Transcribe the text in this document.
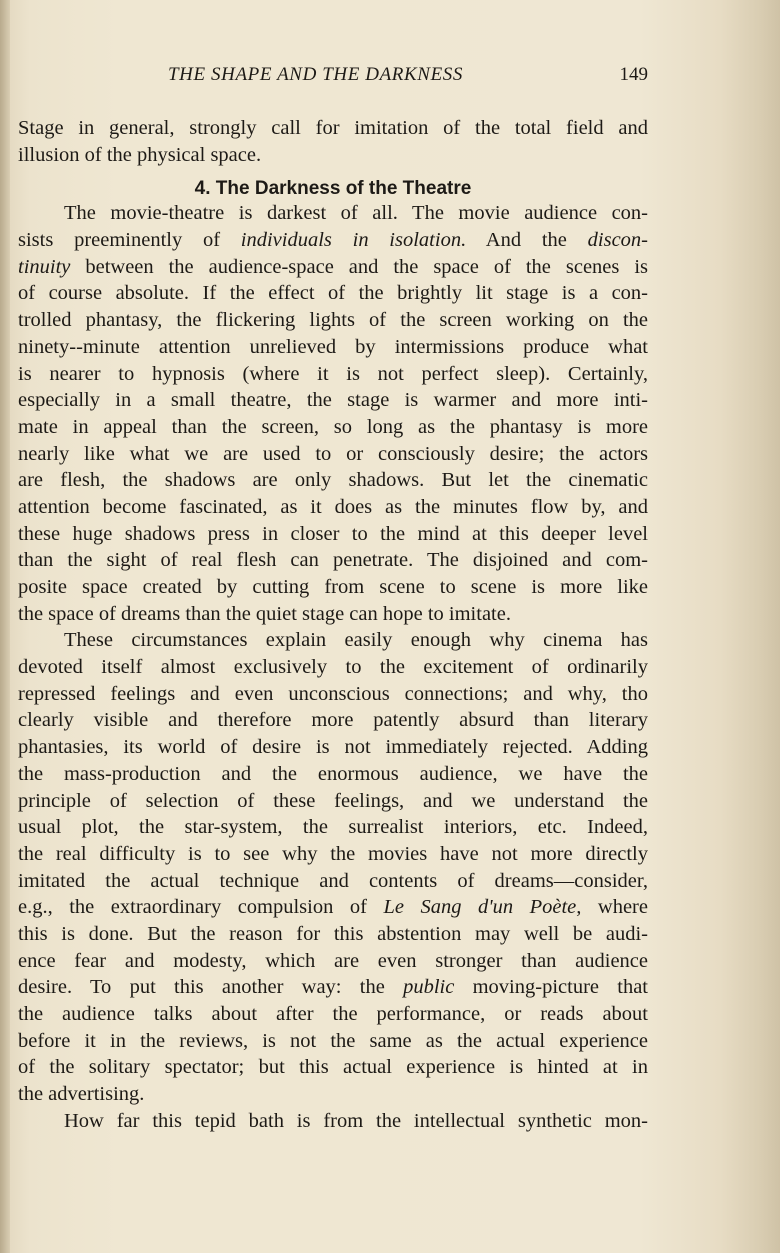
THE SHAPE AND THE DARKNESS	149
Stage in general, strongly call for imitation of the total field and
illusion of the physical space.
4. The Darkness of the Theatre
The movie-theatre is darkest of all. The movie audience con-
sists preeminently of individuals in isolation. And the discon-
tinuity between the audience-space and the space of the scenes is
of course absolute. If the effect of the brightly lit stage is a con-
trolled phantasy, the flickering lights of the screen working on the
ninety--minute attention unrelieved by intermissions produce what
is nearer to hypnosis (where it is not perfect sleep). Certainly,
especially in a small theatre, the stage is warmer and more inti-
mate in appeal than the screen, so long as the phantasy is more
nearly like what we are used to or consciously desire; the actors
are flesh, the shadows are only shadows. But let the cinematic
attention become fascinated, as it does as the minutes flow by, and
these huge shadows press in closer to the mind at this deeper level
than the sight of real flesh can penetrate. The disjoined and com-
posite space created by cutting from scene to scene is more like
the space of dreams than the quiet stage can hope to imitate.
These circumstances explain easily enough why cinema has
devoted itself almost exclusively to the excitement of ordinarily
repressed feelings and even unconscious connections; and why, tho
clearly visible and therefore more patently absurd than literary
phantasies, its world of desire is not immediately rejected. Adding
the mass-production and the enormous audience, we have the
principle of selection of these feelings, and we understand the
usual plot, the star-system, the surrealist interiors, etc. Indeed,
the real difficulty is to see why the movies have not more directly
imitated the actual technique and contents of dreams—consider,
e.g., the extraordinary compulsion of Le Sang d'un Poète, where
this is done. But the reason for this abstention may well be audi-
ence fear and modesty, which are even stronger than audience
desire. To put this another way: the public moving-picture that
the audience talks about after the performance, or reads about
before it in the reviews, is not the same as the actual experience
of the solitary spectator; but this actual experience is hinted at in
the advertising.
How far this tepid bath is from the intellectual synthetic mon-
